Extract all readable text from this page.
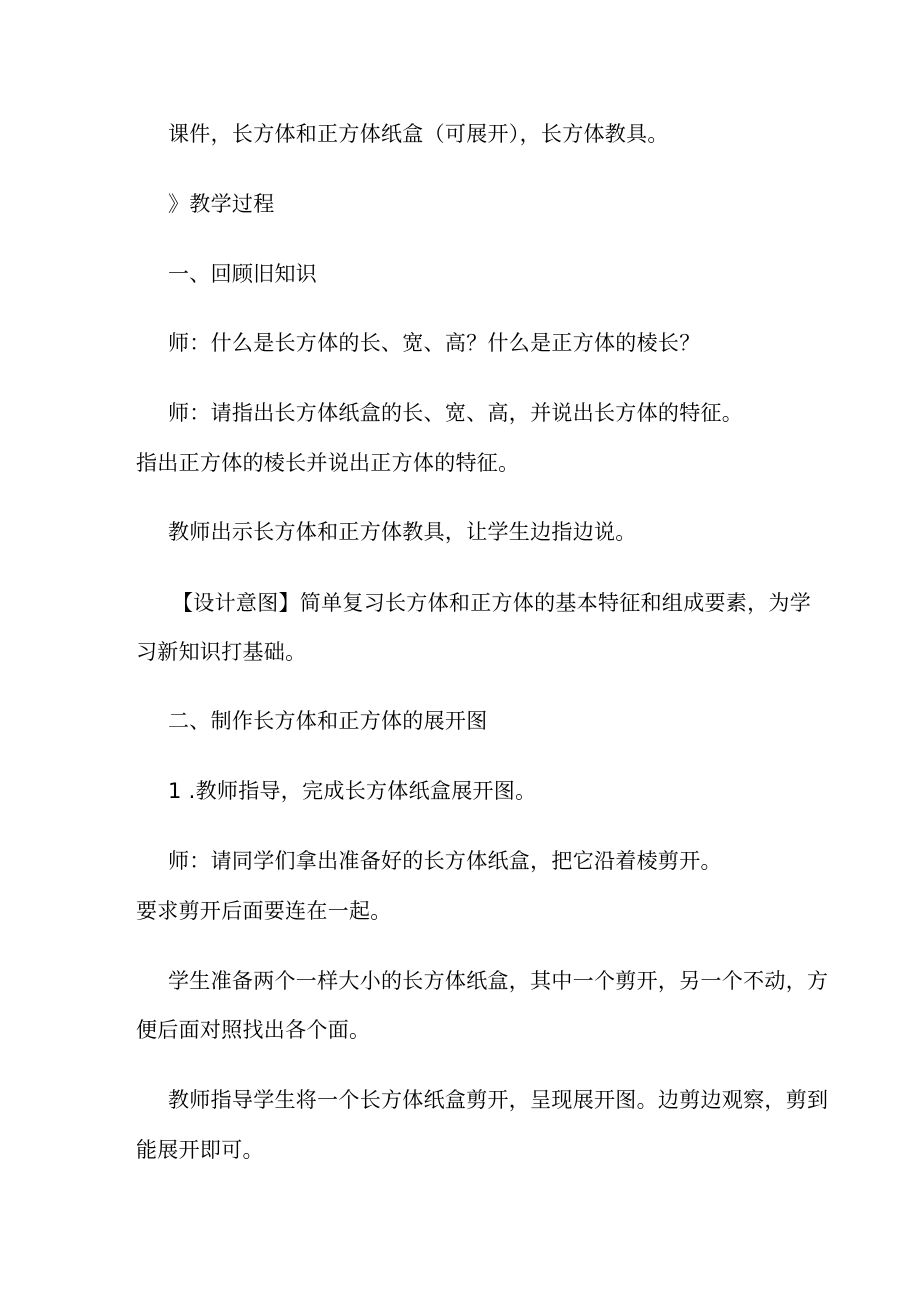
课件，长方体和正方体纸盒（可展开），长方体教具。
》教学过程
一、回顾旧知识
师：什么是长方体的长、宽、高？什么是正方体的棱长？
师：请指出长方体纸盒的长、宽、高，并说出长方体的特征。
指出正方体的棱长并说出正方体的特征。
教师出示长方体和正方体教具，让学生边指边说。
【设计意图】简单复习长方体和正方体的基本特征和组成要素，为学
习新知识打基础。
二、制作长方体和正方体的展开图
1 .教师指导，完成长方体纸盒展开图。
师：请同学们拿出准备好的长方体纸盒，把它沿着棱剪开。
要求剪开后面要连在一起。
学生准备两个一样大小的长方体纸盒，其中一个剪开，另一个不动，方
便后面对照找出各个面。
教师指导学生将一个长方体纸盒剪开，呈现展开图。边剪边观察，剪到
能展开即可。
